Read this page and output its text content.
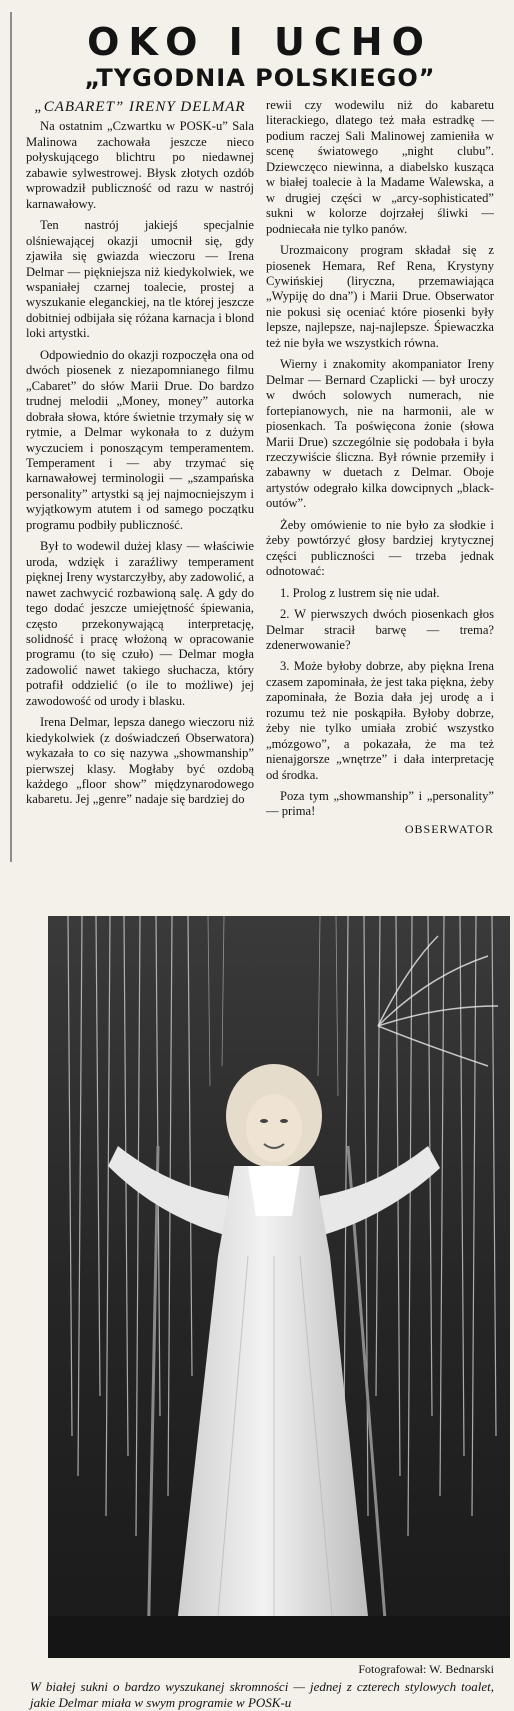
OKO I UCHO
„TYGODNIA POLSKIEGO”
„CABARET” IRENY DELMAR

Na ostatnim „Czwartku w POSK-u” Sala Malinowa zachowała jeszcze nieco połyskującego blichtru po niedawnej zabawie sylwestrowej. Błysk złotych ozdób wprowadził publiczność od razu w nastrój karnawałowy.

Ten nastrój jakiejś specjalnie olśniewającej okazji umocnił się, gdy zjawiła się gwiazda wieczoru — Irena Delmar — piękniejsza niż kiedykolwiek, we wspaniałej czarnej toalecie, prostej a wyszukanie eleganckiej, na tle której jeszcze dobitniej odbijała się różana karnacja i blond loki artystki.

Odpowiednio do okazji rozpoczęła ona od dwóch piosenek z niezapomnianego filmu „Cabaret” do słów Marii Drue. Do bardzo trudnej melodii „Money, money” autorka dobrała słowa, które świetnie trzymały się w rytmie, a Delmar wykonała to z dużym wyczuciem i ponoszącym temperamentem. Temperament i — aby trzymać się karnawałowej terminologii — „szampańska personality” artystki są jej najmocniejszym i wyjątkowym atutem i od samego początku programu podbiły publiczność.

Był to wodewil dużej klasy — właściwie uroda, wdzięk i zaraźliwy temperament pięknej Ireny wystarczyłby, aby zadowolić, a nawet zachwycić rozbawioną salę. A gdy do tego dodać jeszcze umiejętność śpiewania, często przekonywającą interpretację, solidność i pracę włożoną w opracowanie programu (to się czuło) — Delmar mogła zadowolić nawet takiego słuchacza, który potrafił oddzielić (o ile to możliwe) jej zawodowość od urody i blasku.

Irena Delmar, lepsza danego wieczoru niż kiedykolwiek (z doświadczeń Obserwatora) wykazała to co się nazywa „showmanship” pierwszej klasy. Mogłaby być ozdobą każdego „floor show” międzynarodowego kabaretu. Jej „genre” nadaje się bardziej do

rewii czy wodewilu niż do kabaretu literackiego, dlatego też mała estradkę — podium raczej Sali Malinowej zamieniła w scenę światowego „night clubu”. Dziewczęco niewinna, a diabelsko kusząca w białej toalecie à la Madame Walewska, a w drugiej części w „arcy-sophisticated” sukni w kolorze dojrzałej śliwki — podniecała nie tylko panów.

Urozmaicony program składał się z piosenek Hemara, Ref Rena, Krystyny Cywińskiej (liryczna, przemawiająca „Wypiję do dna”) i Marii Drue. Obserwator nie pokusi się oceniać które piosenki były lepsze, najlepsze, naj-najlepsze. Śpiewaczka też nie była we wszystkich równa.

Wierny i znakomity akompaniator Ireny Delmar — Bernard Czaplicki — był uroczy w dwóch solowych numerach, nie fortepianowych, nie na harmonii, ale w piosenkach. Ta poświęcona żonie (słowa Marii Drue) szczególnie się podobała i była rzeczywiście śliczna. Był równie przemiły i zabawny w duetach z Delmar. Oboje artystów odegrało kilka dowcipnych „black-outów”.

Żeby omówienie to nie było za słodkie i żeby powtórzyć głosy bardziej krytycznej części publiczności — trzeba jednak odnotować:

1. Prolog z lustrem się nie udał.

2. W pierwszych dwóch piosenkach głos Delmar stracił barwę — trema? zdenerwowanie?

3. Może byłoby dobrze, aby piękna Irena czasem zapominała, że jest taka piękna, żeby zapominała, że Bozia dała jej urodę a i rozumu też nie poskąpiła. Byłoby dobrze, żeby nie tylko umiała zrobić wszystko „mózgowo”, a pokazała, że ma też nienajgorsze „wnętrze” i dała interpretację od środka.

Poza tym „showmanship” i „personality” — prima!

OBSERWATOR
Fotografował: W. Bednarski
W białej sukni o bardzo wyszukanej skromności — jednej z czterech stylowych toalet, jakie Delmar miała w swym programie w POSK-u
